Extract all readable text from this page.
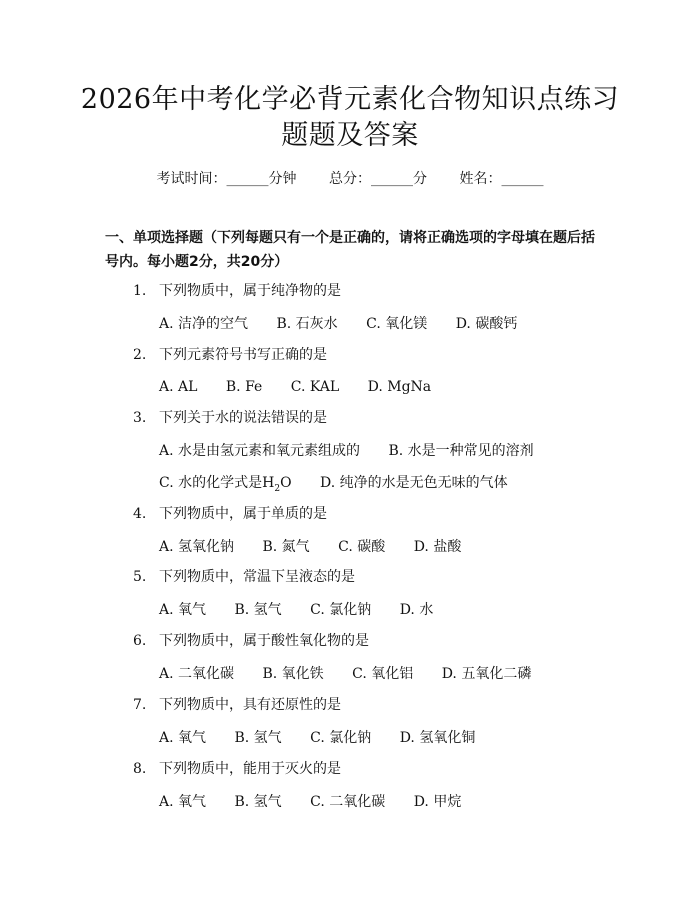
2026年中考化学必背元素化合物知识点练习
题题及答案
考试时间：______分钟 总分：______分 姓名：______
一、单项选择题（下列每题只有一个是正确的，请将正确选项的字母填在题后括号内。每小题2分，共20分）
1. 下列物质中，属于纯净物的是
A. 洁净的空气 B. 石灰水 C. 氧化镁 D. 碳酸钙
2. 下列元素符号书写正确的是
A. AL B. Fe C. KAL D. MgNa
3. 下列关于水的说法错误的是
A. 水是由氢元素和氧元素组成的 B. 水是一种常见的溶剂
C. 水的化学式是$H_2O$ D. 纯净的水是无色无味的气体
4. 下列物质中，属于单质的是
A. 氢氧化钠 B. 氮气 C. 碳酸 D. 盐酸
5. 下列物质中，常温下呈液态的是
A. 氧气 B. 氢气 C. 氯化钠 D. 水
6. 下列物质中，属于酸性氧化物的是
A. 二氧化碳 B. 氧化铁 C. 氧化铝 D. 五氧化二磷
7. 下列物质中，具有还原性的是
A. 氧气 B. 氢气 C. 氯化钠 D. 氢氧化铜
8. 下列物质中，能用于灭火的是
A. 氧气 B. 氢气 C. 二氧化碳 D. 甲烷
